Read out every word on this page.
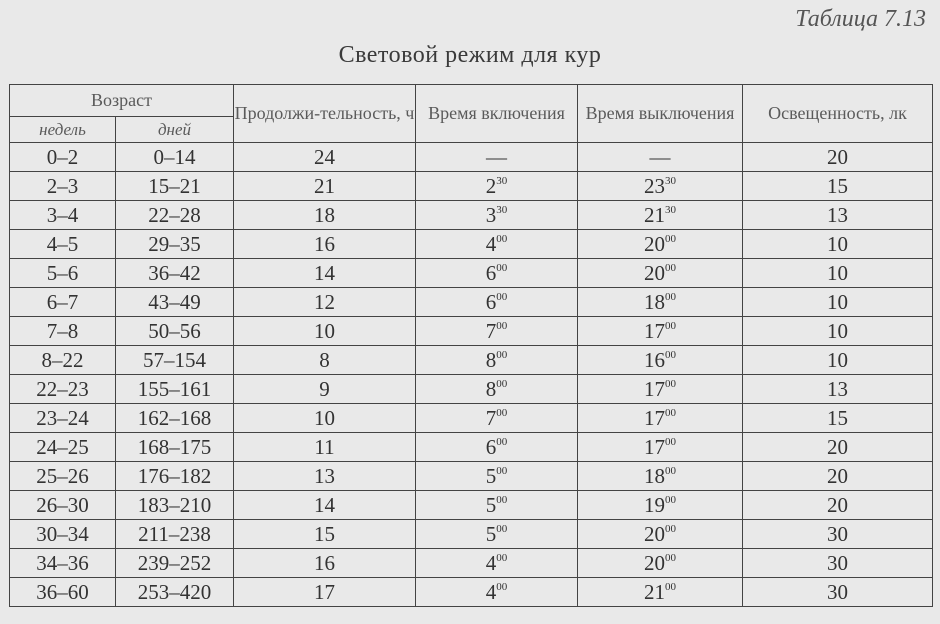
Таблица 7.13
Световой режим для кур
Возраст		Продолжи-тельность, ч	Время включения	Время выключения	Освещенность, лк
недель	дней				
0–2	0–14	24	—	—	20
2–3	15–21	21	$2^{30}$	$23^{30}$	15
3–4	22–28	18	$3^{30}$	$21^{30}$	13
4–5	29–35	16	$4^{00}$	$20^{00}$	10
5–6	36–42	14	$6^{00}$	$20^{00}$	10
6–7	43–49	12	$6^{00}$	$18^{00}$	10
7–8	50–56	10	$7^{00}$	$17^{00}$	10
8–22	57–154	8	$8^{00}$	$16^{00}$	10
22–23	155–161	9	$8^{00}$	$17^{00}$	13
23–24	162–168	10	$7^{00}$	$17^{00}$	15
24–25	168–175	11	$6^{00}$	$17^{00}$	20
25–26	176–182	13	$5^{00}$	$18^{00}$	20
26–30	183–210	14	$5^{00}$	$19^{00}$	20
30–34	211–238	15	$5^{00}$	$20^{00}$	30
34–36	239–252	16	$4^{00}$	$20^{00}$	30
36–60	253–420	17	$4^{00}$	$21^{00}$	30
